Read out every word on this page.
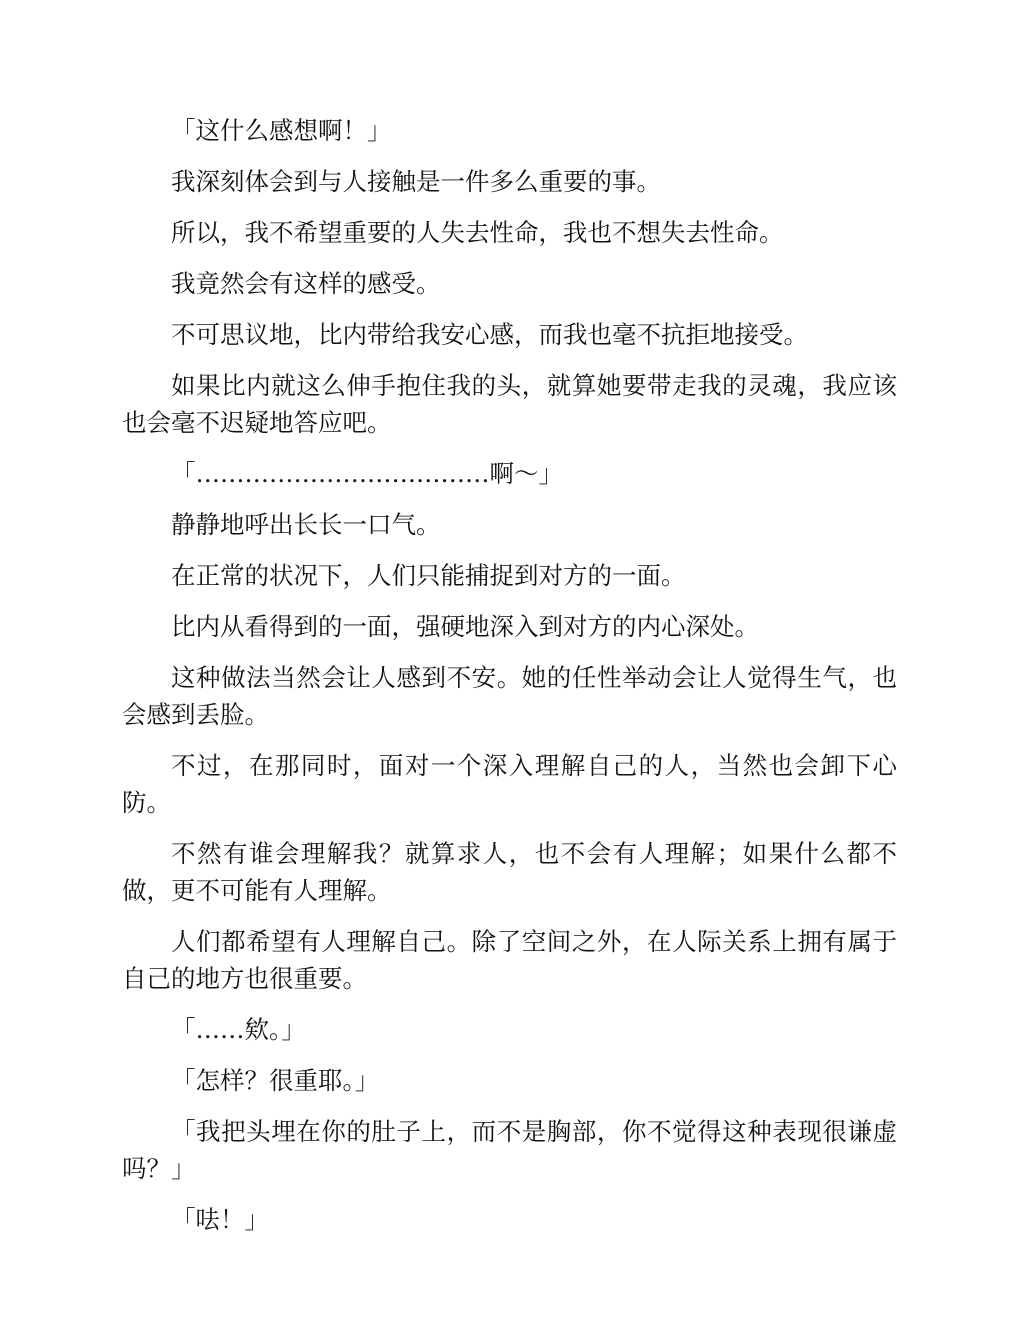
「这什么感想啊！」

我深刻体会到与人接触是一件多么重要的事。

所以，我不希望重要的人失去性命，我也不想失去性命。

我竟然会有这样的感受。

不可思议地，比内带给我安心感，而我也毫不抗拒地接受。

如果比内就这么伸手抱住我的头，就算她要带走我的灵魂，我应该也会毫不迟疑地答应吧。

「………………………………啊～」

静静地呼出长长一口气。

在正常的状况下，人们只能捕捉到对方的一面。

比内从看得到的一面，强硬地深入到对方的内心深处。

这种做法当然会让人感到不安。她的任性举动会让人觉得生气，也会感到丢脸。

不过，在那同时，面对一个深入理解自己的人，当然也会卸下心防。

不然有谁会理解我？就算求人，也不会有人理解；如果什么都不做，更不可能有人理解。

人们都希望有人理解自己。除了空间之外，在人际关系上拥有属于自己的地方也很重要。

「……欸。」

「怎样？很重耶。」

「我把头埋在你的肚子上，而不是胸部，你不觉得这种表现很谦虚吗？」

「呿！」
